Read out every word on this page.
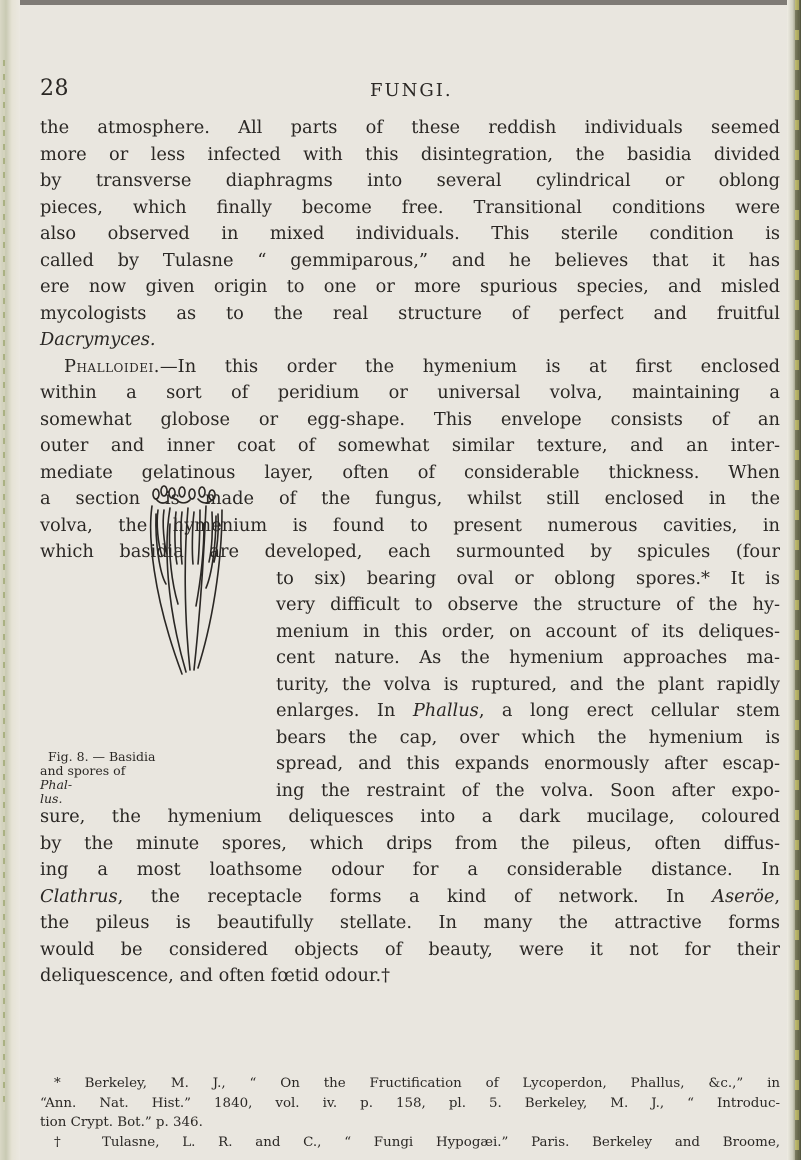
28	FUNGI.
the atmosphere. All parts of these reddish individuals seemed
more or less infected with this disintegration, the basidia divided
by transverse diaphragms into several cylindrical or oblong
pieces, which finally become free. Transitional conditions were
also observed in mixed individuals. This sterile condition is
called by Tulasne “ gemmiparous,” and he believes that it has
ere now given origin to one or more spurious species, and misled
mycologists as to the real structure of perfect and fruitful
Dacrymyces.
Phalloidei.—In this order the hymenium is at first enclosed
within a sort of peridium or universal volva, maintaining a
somewhat globose or egg-shape. This envelope consists of an
outer and inner coat of somewhat similar texture, and an inter-
mediate gelatinous layer, often of considerable thickness. When
a section is made of the fungus, whilst still enclosed in the
volva, the hymenium is found to present numerous cavities, in
which basidia are developed, each surmounted by spicules (four
to six) bearing oval or oblong spores.* It is
very difficult to observe the structure of the hy-
menium in this order, on account of its deliques-
cent nature. As the hymenium approaches ma-
turity, the volva is ruptured, and the plant rapidly
enlarges. In Phallus, a long erect cellular stem
bears the cap, over which the hymenium is
spread, and this expands enormously after escap-
ing the restraint of the volva. Soon after expo-
sure, the hymenium deliquesces into a dark mucilage, coloured
by the minute spores, which drips from the pileus, often diffus-
ing a most loathsome odour for a considerable distance. In
Clathrus, the receptacle forms a kind of network. In Aseröe,
the pileus is beautifully stellate. In many the attractive forms
would be considered objects of beauty, were it not for their
deliquescence, and often fœtid odour.†
Fig. 8. — Basidia
and spores of
Phal-
lus.
* Berkeley, M. J., “ On the Fructification of Lycoperdon, Phallus, &c.,” in
“Ann. Nat. Hist.” 1840, vol. iv. p. 158, pl. 5. Berkeley, M. J., “ Introduc-
tion Crypt. Bot.” p. 346.
† Tulasne, L. R. and C., “ Fungi Hypogæi.” Paris. Berkeley and Broome,
